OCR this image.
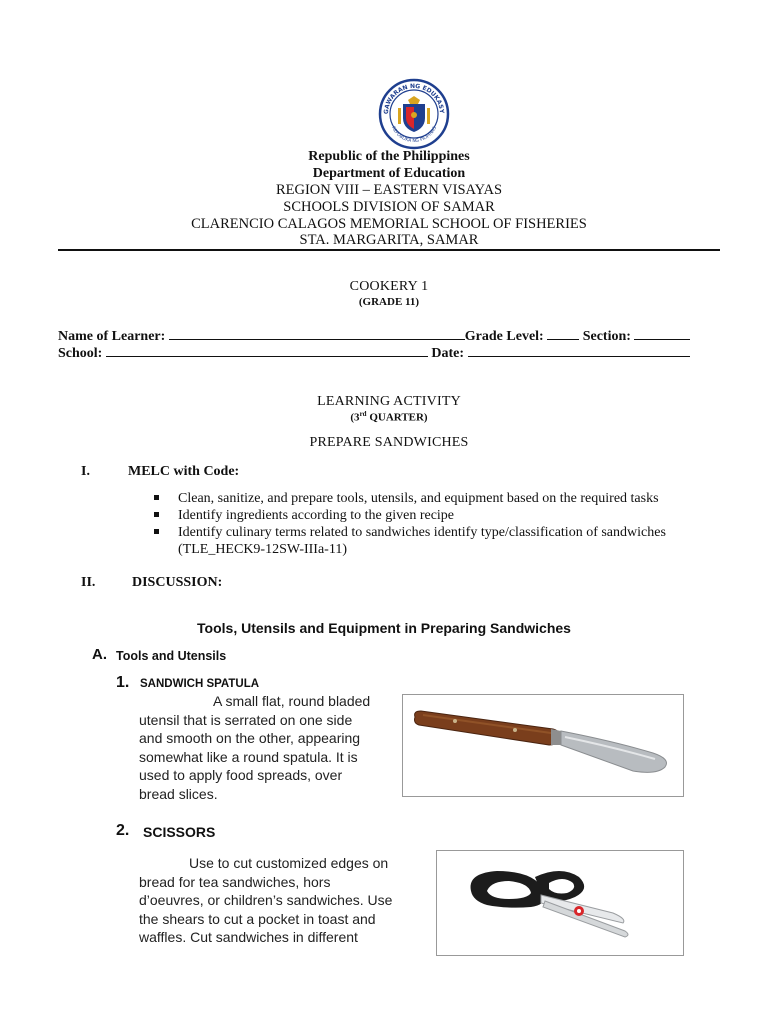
GAWARAN NG EDUKASY
REPUBLIKA NG PILIPINAS
Republic of the Philippines
Department of Education
REGION VIII – EASTERN VISAYAS
SCHOOLS DIVISION OF SAMAR
CLARENCIO CALAGOS MEMORIAL SCHOOL OF FISHERIES
STA. MARGARITA, SAMAR
COOKERY 1
(GRADE 11)
Name of Learner:	Grade Level:	Section:
School:	Date:
LEARNING ACTIVITY
(3rd QUARTER)
PREPARE SANDWICHES
I.	MELC with Code:
Clean, sanitize, and prepare tools, utensils, and equipment based on the required tasks
Identify ingredients according to the given recipe
Identify culinary terms related to sandwiches identify type/classification of sandwiches
(TLE_HECK9-12SW-IIIa-11)
II.	DISCUSSION:
Tools, Utensils and Equipment in Preparing Sandwiches
A. Tools and Utensils
1. SANDWICH SPATULA
A small flat, round bladed
utensil that is serrated on one side
and smooth on the other, appearing
somewhat like a round spatula. It is
used to apply food spreads, over
bread slices.
2. SCISSORS
Use to cut customized edges on
bread for tea sandwiches, hors
d’oeuvres, or children’s sandwiches. Use
the shears to cut a pocket in toast and
waffles. Cut sandwiches in different
